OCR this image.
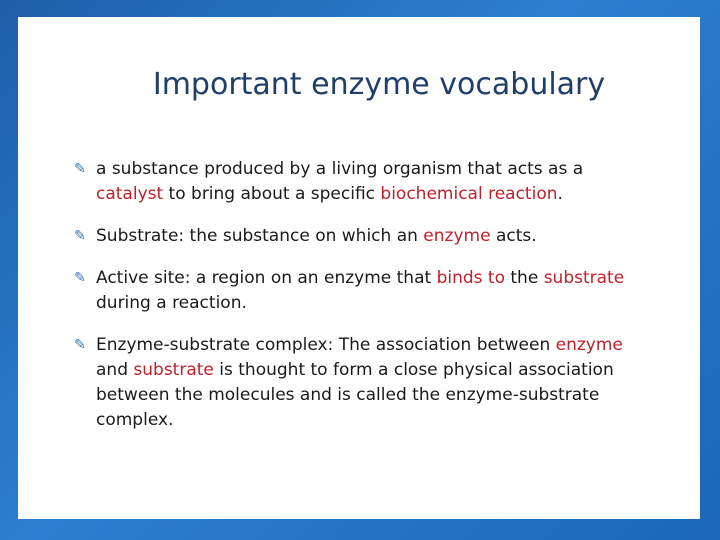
Important enzyme vocabulary
✎ a substance produced by a living organism that acts as a catalyst to bring about a specific biochemical reaction.
✎ Substrate: the substance on which an enzyme acts.
✎ Active site: a region on an enzyme that binds to the substrate during a reaction.
✎ Enzyme-substrate complex: The association between enzyme and substrate is thought to form a close physical association between the molecules and is called the enzyme-substrate complex.
